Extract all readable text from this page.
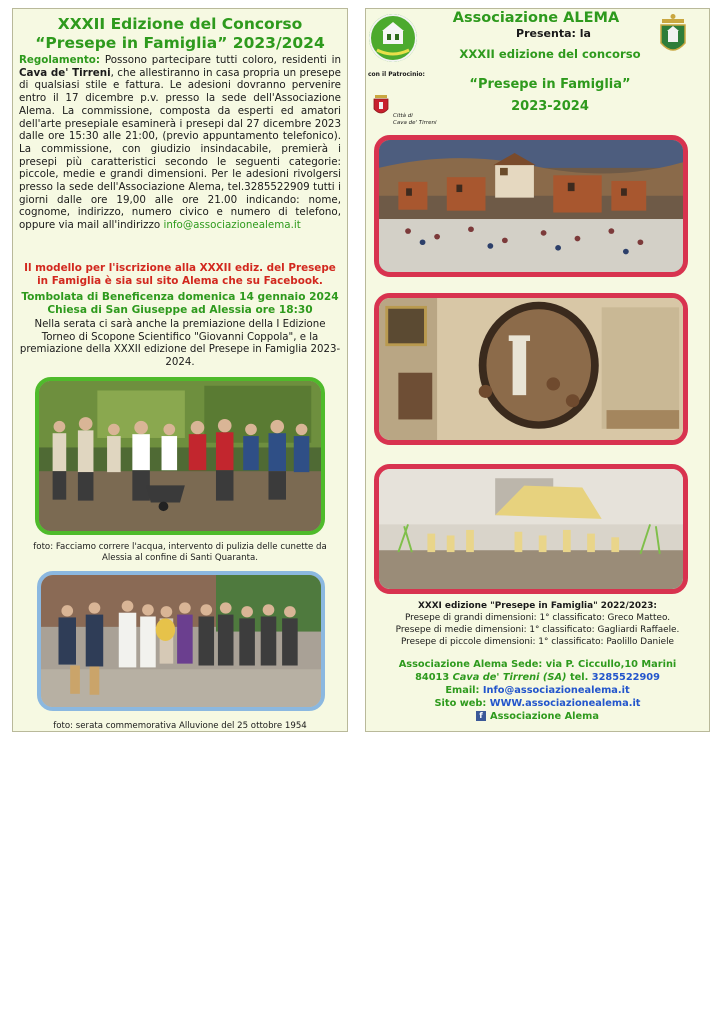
XXXII Edizione del Concorso
“Presepe in Famiglia” 2023/2024
Regolamento: Possono partecipare tutti coloro, residenti in Cava de' Tirreni, che allestiranno in casa propria un presepe di qualsiasi stile e fattura. Le adesioni dovranno pervenire entro il 17 dicembre p.v. presso la sede dell'Associazione Alema. La commissione, composta da esperti ed amatori dell'arte presepiale esaminerà i presepi dal 27 dicembre 2023 dalle ore 15:30 alle 21:00, (previo appuntamento telefonico). La commissione, con giudizio insindacabile, premierà i presepi più caratteristici secondo le seguenti categorie: piccole, medie e grandi dimensioni. Per le adesioni rivolgersi presso la sede dell'Associazione Alema, tel.3285522909 tutti i giorni dalle ore 19,00 alle ore 21.00 indicando: nome, cognome, indirizzo, numero civico e numero di telefono, oppure via mail all'indirizzo info@associazionealema.it
Il modello per l'iscrizione alla XXXII ediz. del Presepe in Famiglia è sia sul sito Alema che su Facebook.
Tombolata di Beneficenza domenica 14 gennaio 2024
Chiesa di San Giuseppe ad Alessia ore 18:30
Nella serata ci sarà anche la premiazione della I Edizione Torneo di Scopone Scientifico "Giovanni Coppola", e la premiazione della XXXII edizione del Presepe in Famiglia 2023-2024.
foto: Facciamo correre l'acqua, intervento di pulizia delle cunette da Alessia al confine di Santi Quaranta.
foto: serata commemorativa Alluvione del 25 ottobre 1954
Associazione ALEMA
Presenta: la
XXXII edizione del concorso
con il Patrocinio:
Città di
Cava de' Tirreni
“Presepe in Famiglia”
2023-2024
XXXI edizione "Presepe in Famiglia" 2022/2023:
Presepe di grandi dimensioni: 1° classificato: Greco Matteo.
Presepe di medie dimensioni: 1° classificato: Gagliardi Raffaele.
Presepe di piccole dimensioni: 1° classificato: Paolillo Daniele
Associazione Alema Sede: via P. Ciccullo,10 Marini
84013 Cava de' Tirreni (SA) tel. 3285522909
Email: Info@associazionealema.it
Sito web: WWW.associazionealema.it
f Associazione Alema
